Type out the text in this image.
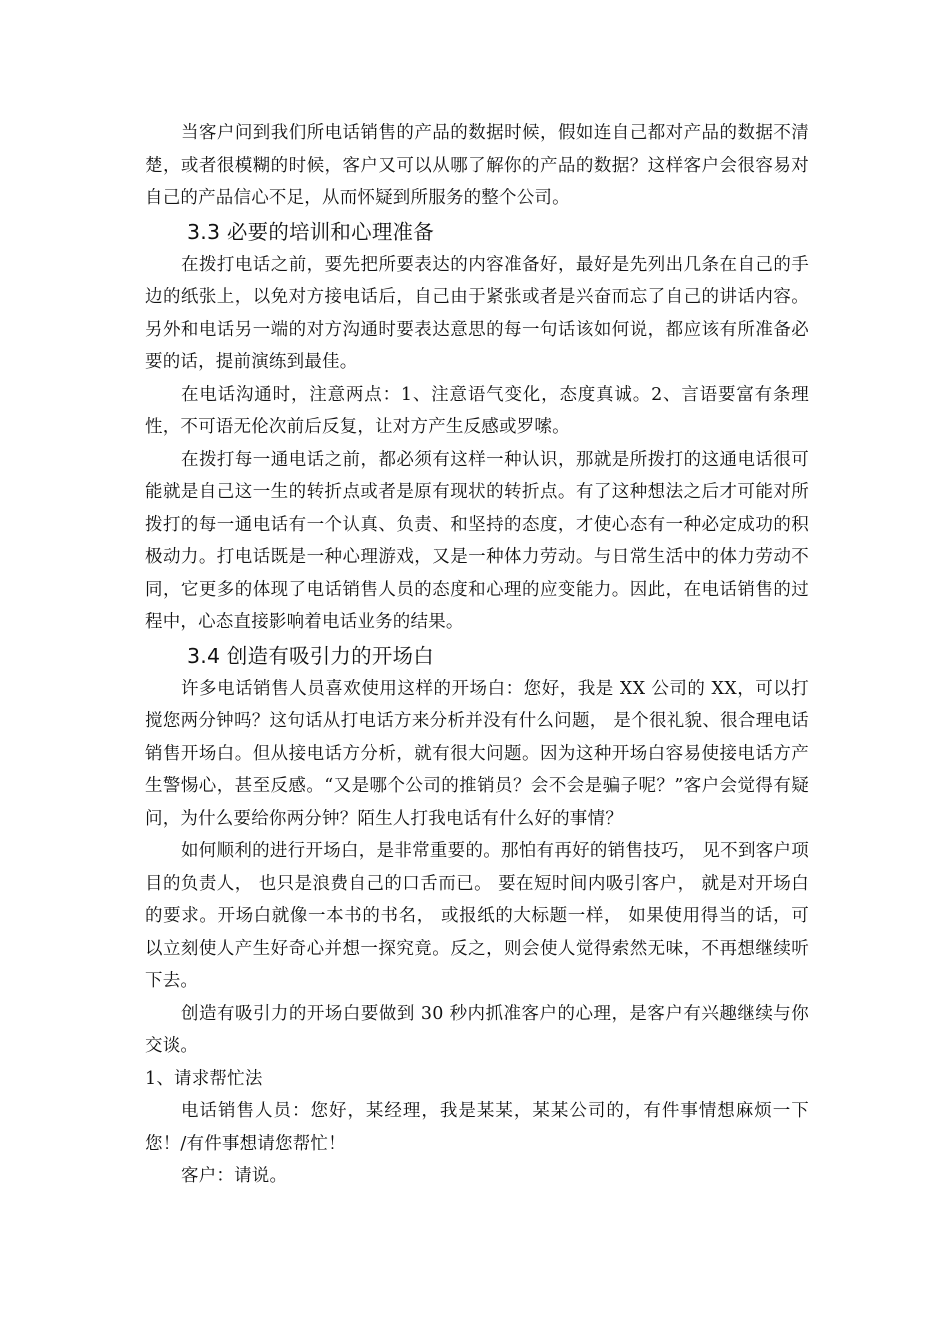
当客户问到我们所电话销售的产品的数据时候，假如连自己都对产品的数据不清楚，或者很模糊的时候，客户又可以从哪了解你的产品的数据？这样客户会很容易对自己的产品信心不足，从而怀疑到所服务的整个公司。

3.3 必要的培训和心理准备

在拨打电话之前，要先把所要表达的内容准备好，最好是先列出几条在自己的手边的纸张上，以免对方接电话后，自己由于紧张或者是兴奋而忘了自己的讲话内容。另外和电话另一端的对方沟通时要表达意思的每一句话该如何说，都应该有所准备必要的话，提前演练到最佳。

在电话沟通时，注意两点：1、注意语气变化，态度真诚。2、言语要富有条理性，不可语无伦次前后反复，让对方产生反感或罗嗦。

在拨打每一通电话之前，都必须有这样一种认识，那就是所拨打的这通电话很可能就是自己这一生的转折点或者是原有现状的转折点。有了这种想法之后才可能对所拨打的每一通电话有一个认真、负责、和坚持的态度，才使心态有一种必定成功的积极动力。打电话既是一种心理游戏，又是一种体力劳动。与日常生活中的体力劳动不同，它更多的体现了电话销售人员的态度和心理的应变能力。因此，在电话销售的过程中，心态直接影响着电话业务的结果。

3.4 创造有吸引力的开场白

许多电话销售人员喜欢使用这样的开场白：您好，我是 XX 公司的 XX，可以打搅您两分钟吗？这句话从打电话方来分析并没有什么问题， 是个很礼貌、很合理电话销售开场白。但从接电话方分析，就有很大问题。因为这种开场白容易使接电话方产生警惕心，甚至反感。“又是哪个公司的推销员？会不会是骗子呢？”客户会觉得有疑问，为什么要给你两分钟？陌生人打我电话有什么好的事情？

如何顺利的进行开场白，是非常重要的。那怕有再好的销售技巧， 见不到客户项目的负责人， 也只是浪费自己的口舌而已。 要在短时间内吸引客户， 就是对开场白的要求。开场白就像一本书的书名， 或报纸的大标题一样， 如果使用得当的话，可以立刻使人产生好奇心并想一探究竟。反之，则会使人觉得索然无味，不再想继续听下去。

创造有吸引力的开场白要做到 30 秒内抓准客户的心理，是客户有兴趣继续与你交谈。

1、请求帮忙法

电话销售人员：您好，某经理，我是某某，某某公司的，有件事情想麻烦一下您！/有件事想请您帮忙！

客户：请说。
